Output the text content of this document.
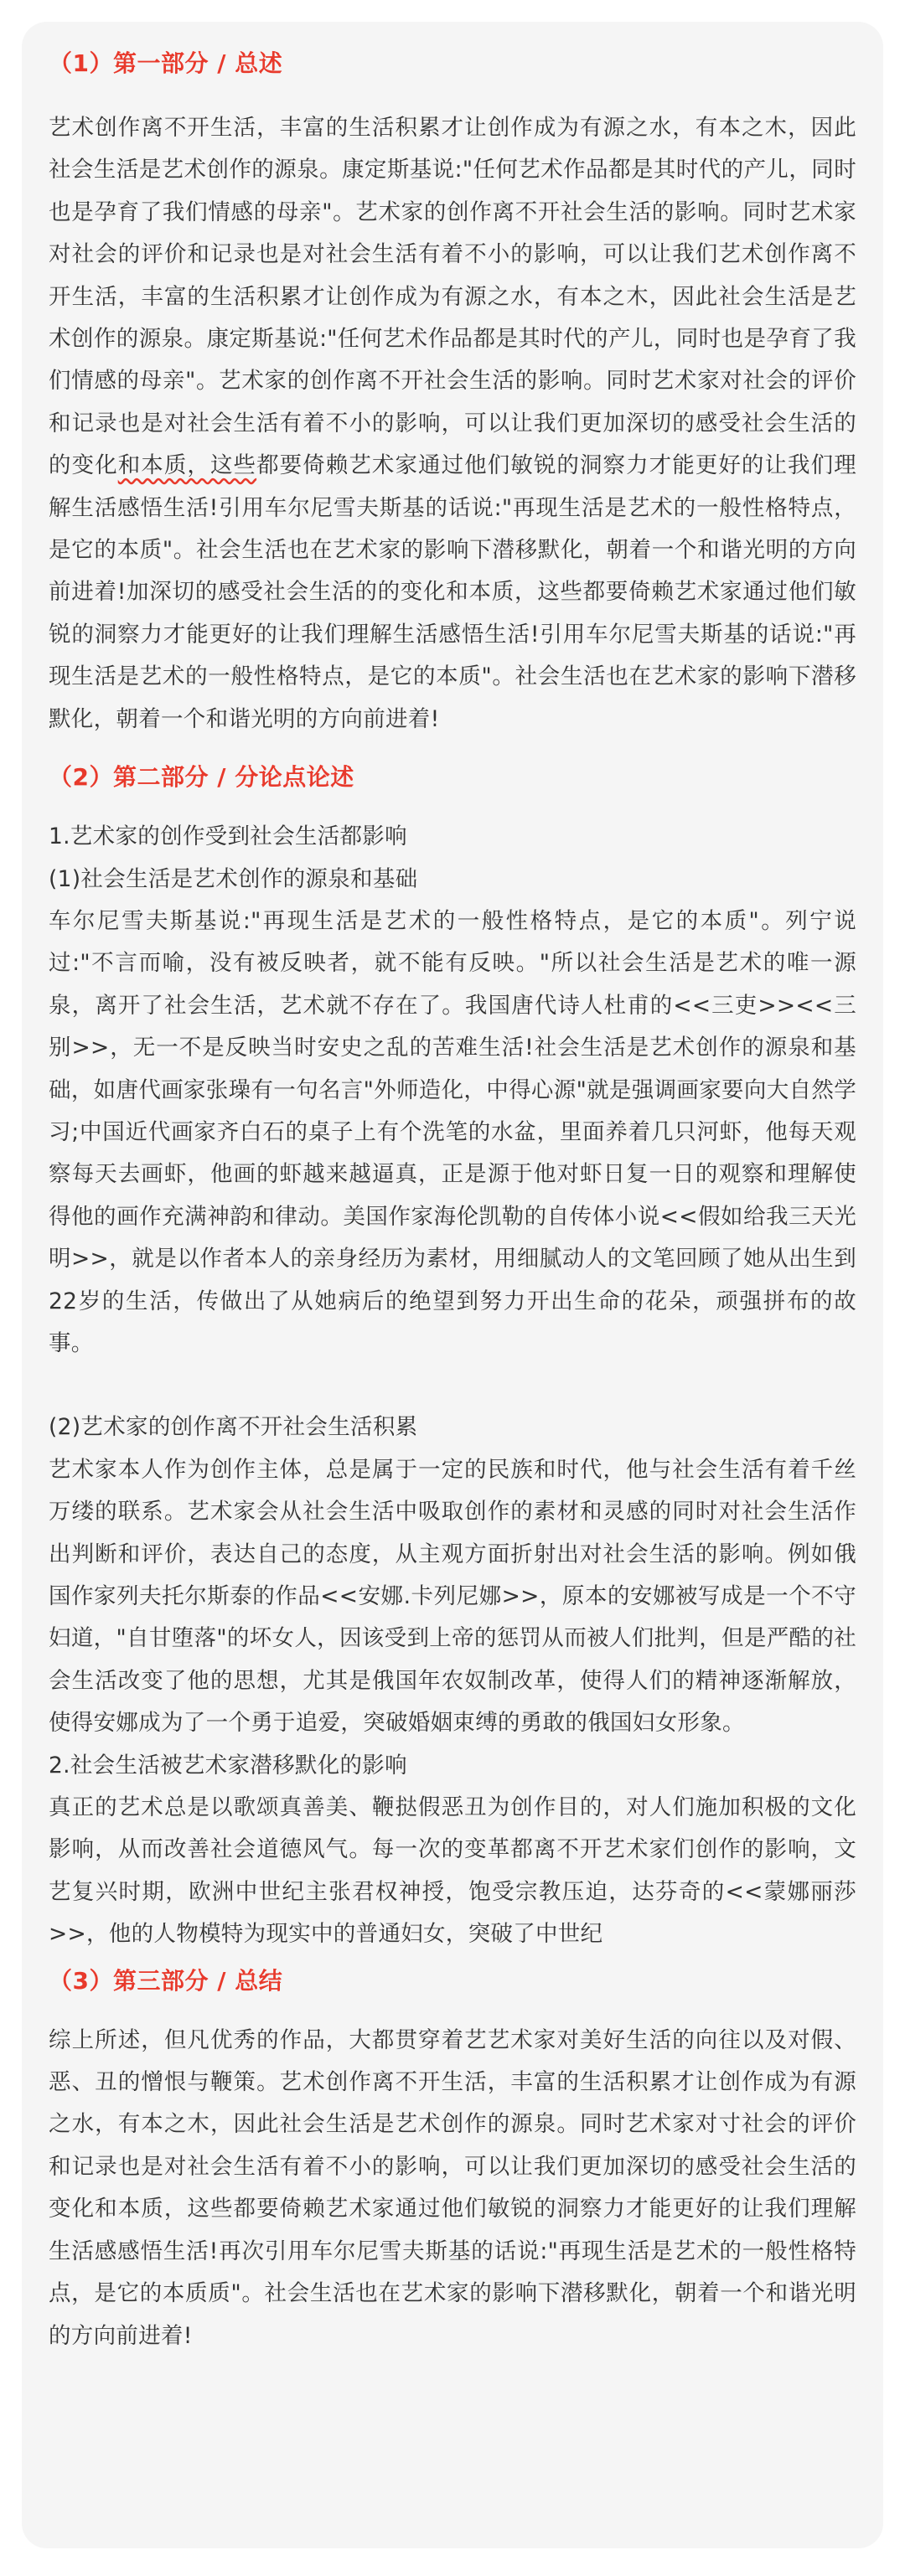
（1）第一部分 / 总述

艺术创作离不开生活，丰富的生活积累才让创作成为有源之水，有本之木，因此社会生活是艺术创作的源泉。康定斯基说:"任何艺术作品都是其时代的产儿，同时也是孕育了我们情感的母亲"。艺术家的创作离不开社会生活的影响。同时艺术家对社会的评价和记录也是对社会生活有着不小的影响，可以让我们艺术创作离不开生活，丰富的生活积累才让创作成为有源之水，有本之木，因此社会生活是艺术创作的源泉。康定斯基说:"任何艺术作品都是其时代的产儿，同时也是孕育了我们情感的母亲"。艺术家的创作离不开社会生活的影响。同时艺术家对社会的评价和记录也是对社会生活有着不小的影响，可以让我们更加深切的感受社会生活的的变化和本质，这些都要倚赖艺术家通过他们敏锐的洞察力才能更好的让我们理解生活感悟生活!引用车尔尼雪夫斯基的话说:"再现生活是艺术的一般性格特点，是它的本质"。社会生活也在艺术家的影响下潜移默化，朝着一个和谐光明的方向前进着!加深切的感受社会生活的的变化和本质，这些都要倚赖艺术家通过他们敏锐的洞察力才能更好的让我们理解生活感悟生活!引用车尔尼雪夫斯基的话说:"再现生活是艺术的一般性格特点，是它的本质"。社会生活也在艺术家的影响下潜移默化，朝着一个和谐光明的方向前进着!

（2）第二部分 / 分论点论述

1.艺术家的创作受到社会生活都影响

(1)社会生活是艺术创作的源泉和基础

车尔尼雪夫斯基说:"再现生活是艺术的一般性格特点，是它的本质"。列宁说过:"不言而喻，没有被反映者，就不能有反映。"所以社会生活是艺术的唯一源泉，离开了社会生活，艺术就不存在了。我国唐代诗人杜甫的<<三吏>><<三别>>，无一不是反映当时安史之乱的苦难生活!社会生活是艺术创作的源泉和基础，如唐代画家张璪有一句名言"外师造化，中得心源"就是强调画家要向大自然学习;中国近代画家齐白石的桌子上有个洗笔的水盆，里面养着几只河虾，他每天观察每天去画虾，他画的虾越来越逼真，正是源于他对虾日复一日的观察和理解使得他的画作充满神韵和律动。美国作家海伦凯勒的自传体小说<<假如给我三天光明>>，就是以作者本人的亲身经历为素材，用细腻动人的文笔回顾了她从出生到22岁的生活，传做出了从她病后的绝望到努力开出生命的花朵，顽强拼布的故事。

(2)艺术家的创作离不开社会生活积累

艺术家本人作为创作主体，总是属于一定的民族和时代，他与社会生活有着千丝万缕的联系。艺术家会从社会生活中吸取创作的素材和灵感的同时对社会生活作出判断和评价，表达自己的态度，从主观方面折射出对社会生活的影响。例如俄国作家列夫托尔斯泰的作品<<安娜.卡列尼娜>>，原本的安娜被写成是一个不守妇道，"自甘堕落"的坏女人，因该受到上帝的惩罚从而被人们批判，但是严酷的社会生活改变了他的思想，尤其是俄国年农奴制改革，使得人们的精神逐渐解放，使得安娜成为了一个勇于追爱，突破婚姻束缚的勇敢的俄国妇女形象。

2.社会生活被艺术家潜移默化的影响

真正的艺术总是以歌颂真善美、鞭挞假恶丑为创作目的，对人们施加积极的文化影响，从而改善社会道德风气。每一次的变革都离不开艺术家们创作的影响，文艺复兴时期，欧洲中世纪主张君权神授，饱受宗教压迫，达芬奇的<<蒙娜丽莎>>，他的人物模特为现实中的普通妇女，突破了中世纪

（3）第三部分 / 总结

综上所述，但凡优秀的作品，大都贯穿着艺艺术家对美好生活的向往以及对假、恶、丑的憎恨与鞭策。艺术创作离不开生活，丰富的生活积累才让创作成为有源之水，有本之木，因此社会生活是艺术创作的源泉。同时艺术家对寸社会的评价和记录也是对社会生活有着不小的影响，可以让我们更加深切的感受社会生活的变化和本质，这些都要倚赖艺术家通过他们敏锐的洞察力才能更好的让我们理解生活感感悟生活!再次引用车尔尼雪夫斯基的话说:"再现生活是艺术的一般性格特点，是它的本质质"。社会生活也在艺术家的影响下潜移默化，朝着一个和谐光明的方向前进着!
